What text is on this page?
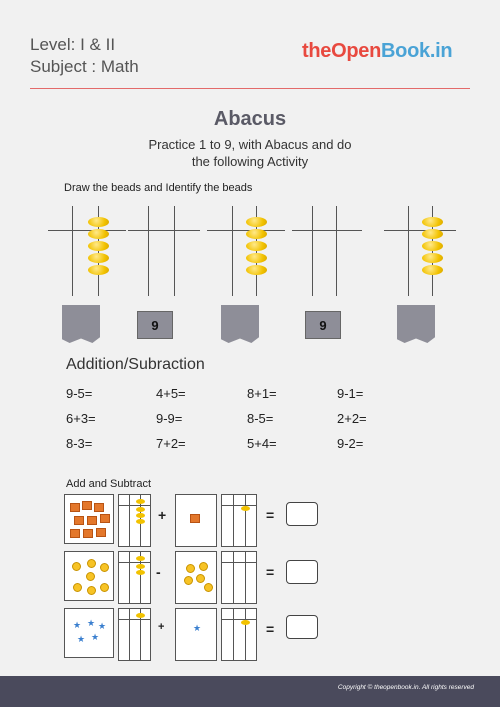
Level: I & II
Subject : Math
theOpenBook.in
Abacus
Practice 1 to 9, with Abacus and do
the following Activity
Draw the beads and Identify the beads
9	9
Addition/Subraction
9-5=	4+5=	8+1=	9-1=
6+3=	9-9=	8-5=	2+2=
8-3=	7+2=	5+4=	9-2=
Add and Subtract
+	=
-	=
★ ★ ★
★ ★
+	★	=
Copyright © theopenbook.in. All rights reserved
